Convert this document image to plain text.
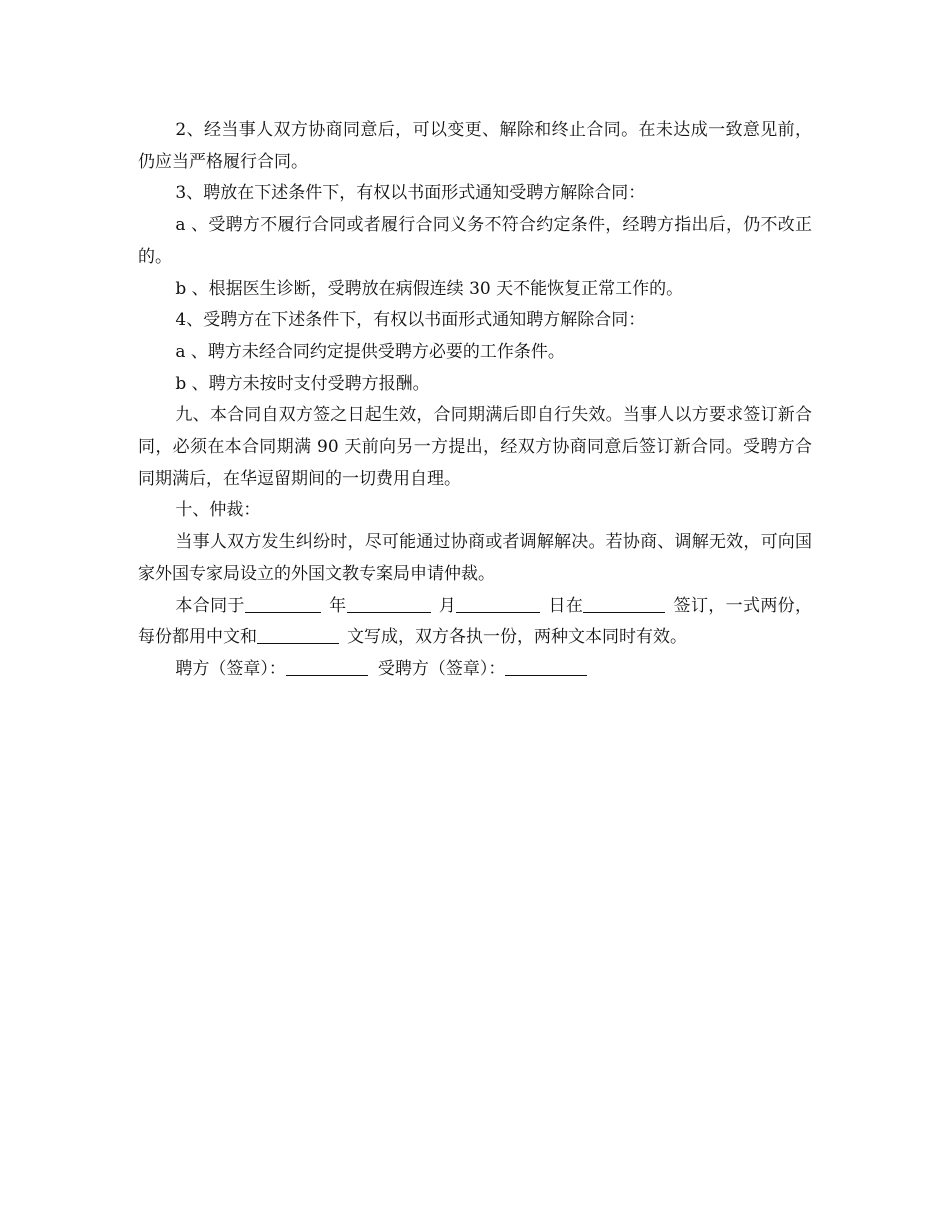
2、经当事人双方协商同意后，可以变更、解除和终止合同。在未达成一致意见前，仍应当严格履行合同。

3、聘放在下述条件下，有权以书面形式通知受聘方解除合同：

a 、受聘方不履行合同或者履行合同义务不符合约定条件，经聘方指出后，仍不改正的。

b 、根据医生诊断，受聘放在病假连续 30 天不能恢复正常工作的。

4、受聘方在下述条件下，有权以书面形式通知聘方解除合同：

a 、聘方未经合同约定提供受聘方必要的工作条件。

b 、聘方未按时支付受聘方报酬。

九、本合同自双方签之日起生效，合同期满后即自行失效。当事人以方要求签订新合同，必须在本合同期满 90 天前向另一方提出，经双方协商同意后签订新合同。受聘方合同期满后，在华逗留期间的一切费用自理。

十、仲裁：

当事人双方发生纠纷时，尽可能通过协商或者调解解决。若协商、调解无效，可向国家外国专家局设立的外国文教专案局申请仲裁。

本合同于	年	月	日在	签订，一式两份，每份都用中文和	文写成，双方各执一份，两种文本同时有效。

聘方（签章）：	受聘方（签章）：
